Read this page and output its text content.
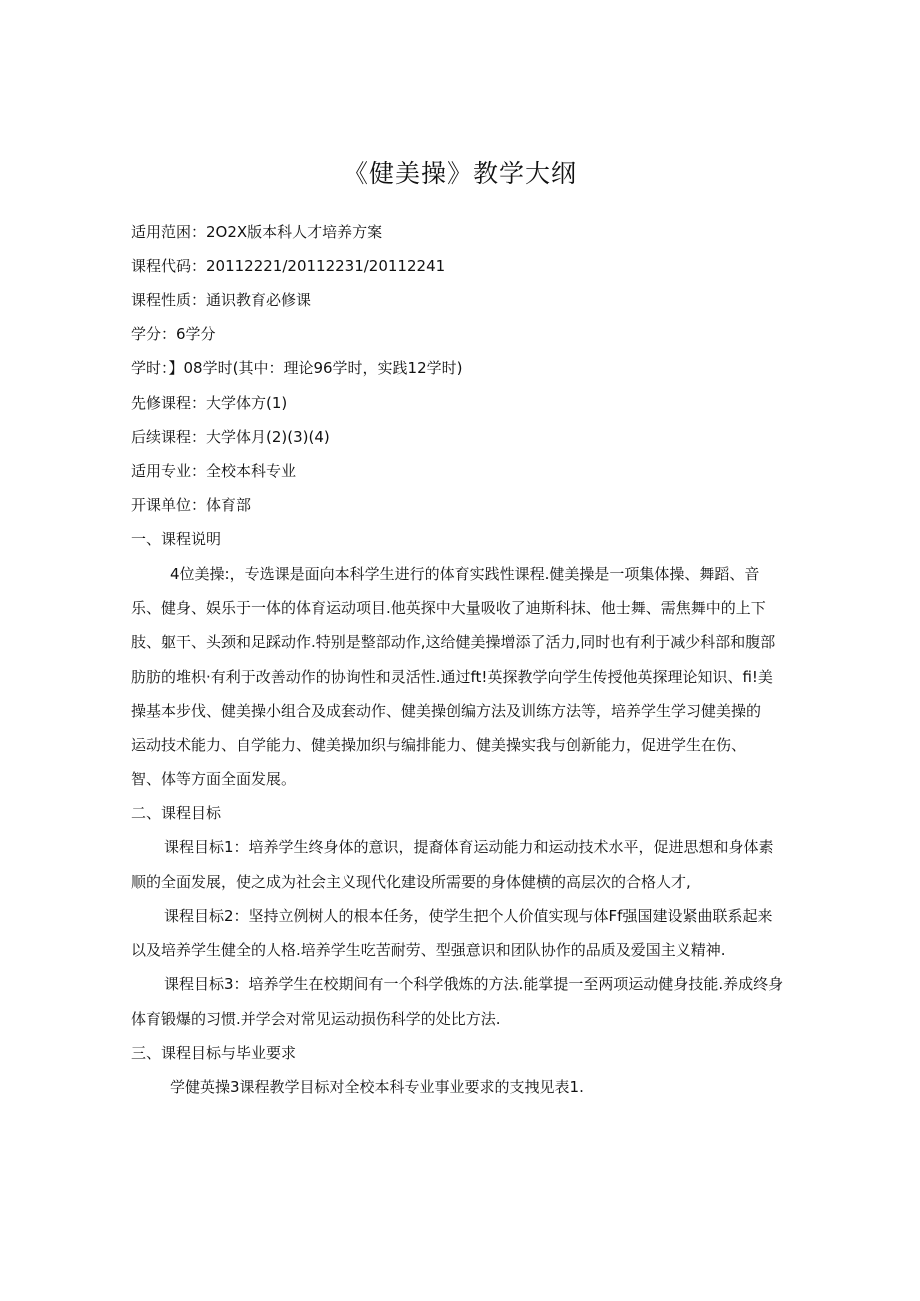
《健美操》教学大纲
适用范困：2O2X版本科人才培养方案
课程代码：20112221/20112231/20112241
课程性质：通识教育必修课
学分：6学分
学时：】08学时(其中：理论96学时，实践12学时)
先修课程：大学体方(1)
后续课程：大学体月(2)(3)(4)
适用专业：全校本科专业
开课单位：体育部
一、课程说明
4位美操:，专选课是面向本科学生进行的体育实践性课程.健美操是一项集体操、舞蹈、音
乐、健身、娱乐于一体的体育运动项目.他英探中大量吸收了迪斯科抹、他士舞、需焦舞中的上下
肢、躯干、头颈和足踩动作.特别是整部动作,这给健美操增添了活力,同时也有利于减少科部和腹部
肪肪的堆枳·有利于改善动作的协询性和灵活性.通过ft!英探教学向学生传授他英探理论知识、fi!美
操基本步伐、健美操小组合及成套动作、健美操创编方法及训练方法等，培养学生学习健美操的
运动技术能力、自学能力、健美操加织与编排能力、健美操实我与创新能力，促进学生在伤、
智、体等方面全面发展。
二、课程目标
课程目标1：培养学生终身体的意识，提裔体育运动能力和运动技术水平，促进思想和身体素
顺的全面发展，使之成为社会主义现代化建设所需要的身体健横的高层次的合格人才,
课程目标2：坚持立例树人的根本任务，使学生把个人价值实现与体Ff强国建设紧曲联系起来
以及培养学生健全的人格.培养学生吃苦耐劳、型强意识和团队协作的品质及爱国主义精神.
课程目标3：培养学生在校期间有一个科学俄炼的方法.能掌提一至两项运动健身技能.养成终身
体育锻爆的习惯.并学会对常见运动损伤科学的处比方法.
三、课程目标与毕业要求
学健英操3课程教学目标对全校本科专业事业要求的支拽见表1.
